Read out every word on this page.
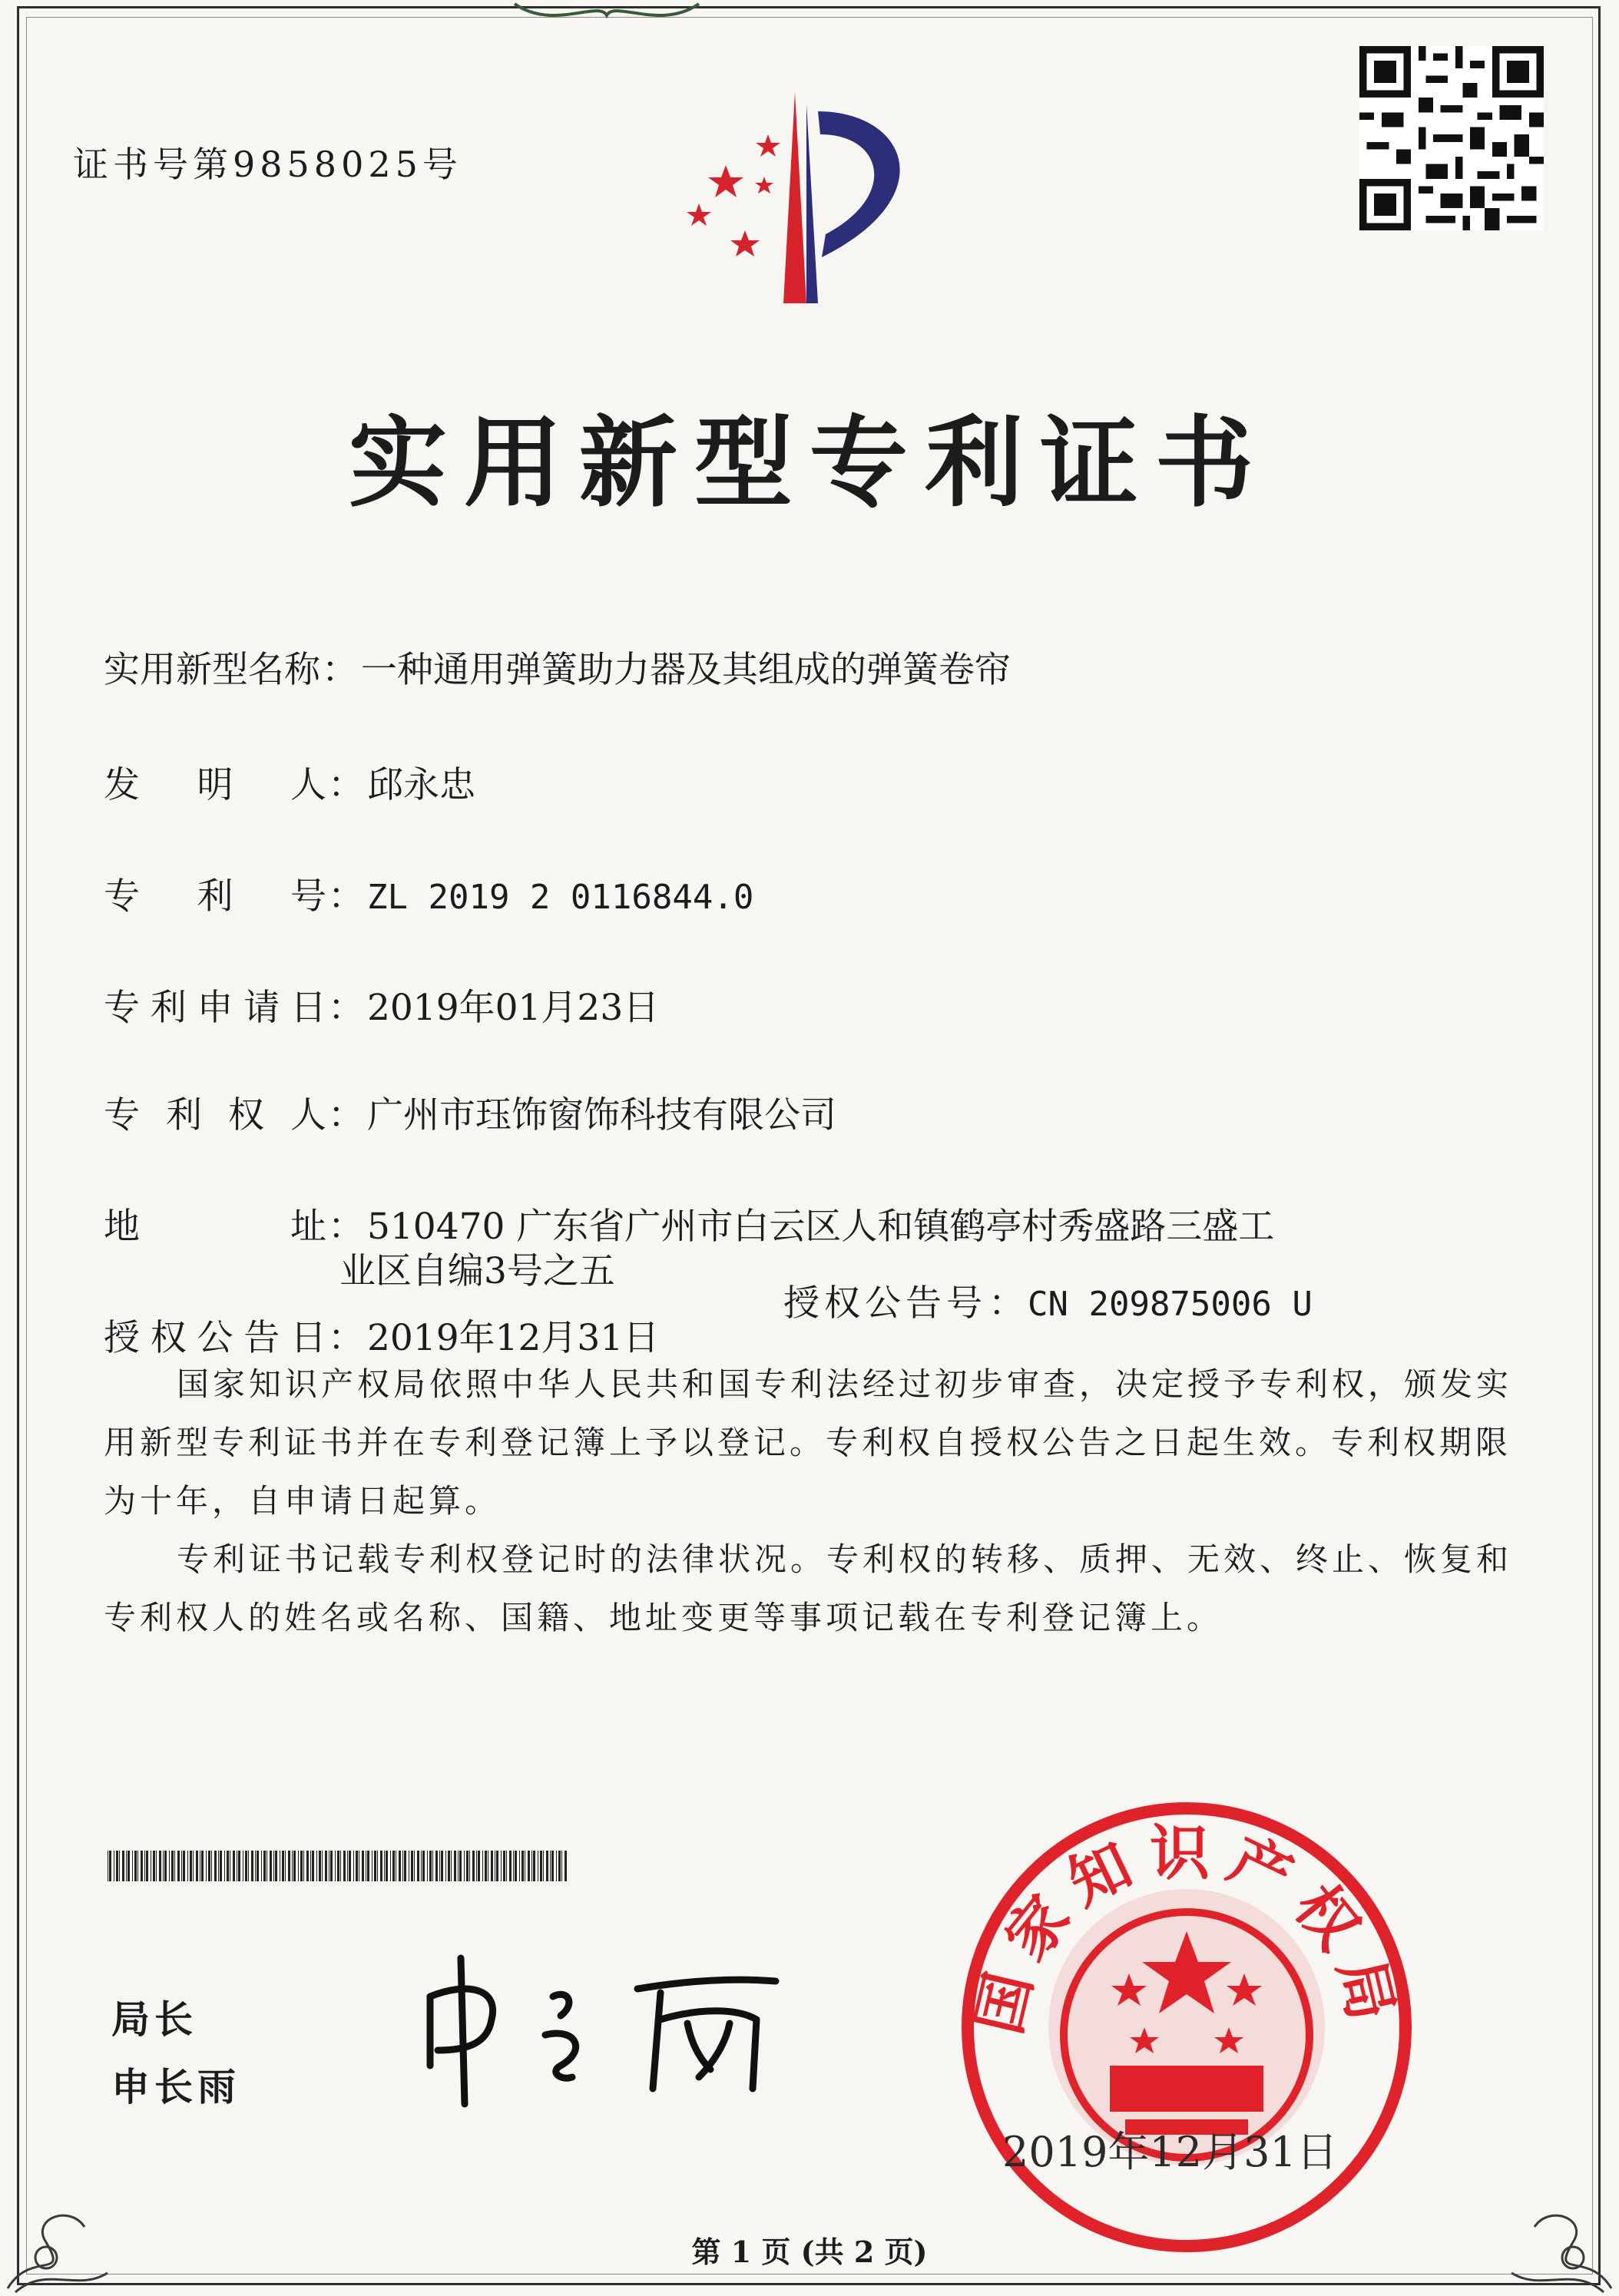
证书号第9858025号
实用新型专利证书
实用新型名称：一种通用弹簧助力器及其组成的弹簧卷帘
发 明 人：邱永忠
专 利 号：ZL 2019 2 0116844.0
专利申请日：2019年01月23日
专 利 权 人：广州市珏饰窗饰科技有限公司
地 址：510470 广东省广州市白云区人和镇鹤亭村秀盛路三盛工
业区自编3号之五
授权公告日：2019年12月31日
授权公告号：CN 209875006 U

国家知识产权局依照中华人民共和国专利法经过初步审查，决定授予专利权，颁发实用新型专利证书并在专利登记簿上予以登记。专利权自授权公告之日起生效。专利权期限为十年，自申请日起算。

专利证书记载专利权登记时的法律状况。专利权的转移、质押、无效、终止、恢复和专利权人的姓名或名称、国籍、地址变更等事项记载在专利登记簿上。

局长
申长雨
国家知识产权局
2019年12月31日
第 1 页 (共 2 页)
